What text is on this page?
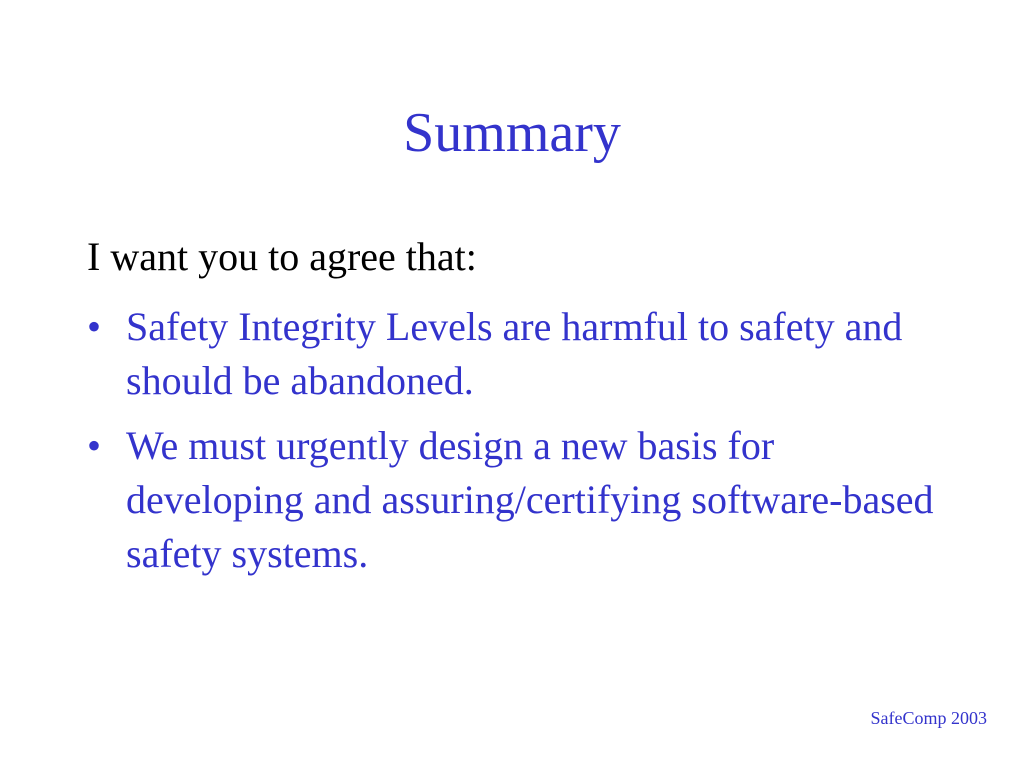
Summary

I want you to agree that:

• Safety Integrity Levels are harmful to safety and should be abandoned.
• We must urgently design a new basis for developing and assuring/certifying software-based safety systems.
SafeComp 2003
